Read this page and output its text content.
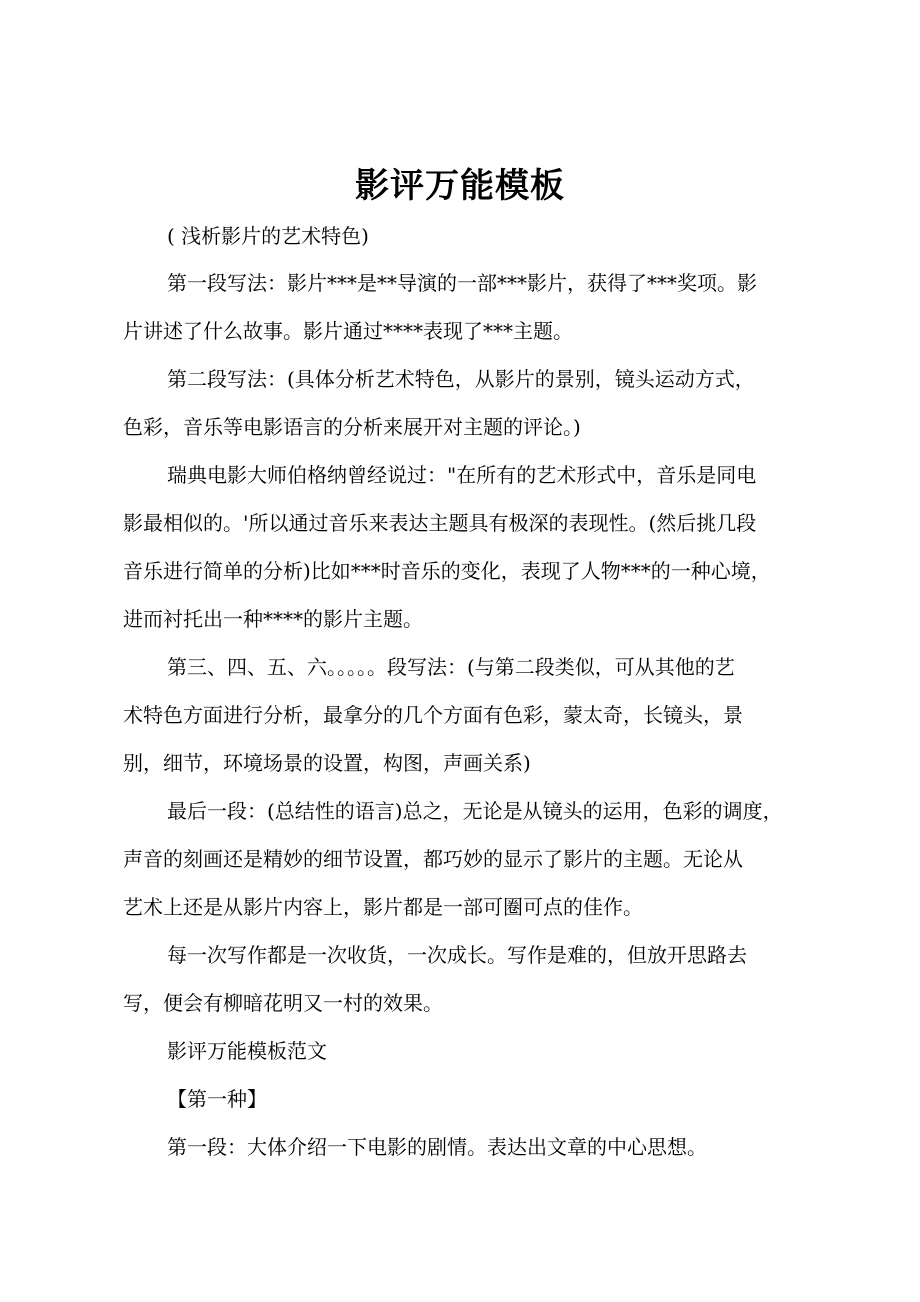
影评万能模板
( 浅析影片的艺术特色)
第一段写法：影片***是**导演的一部***影片，获得了***奖项。影
片讲述了什么故事。影片通过****表现了***主题。
第二段写法：(具体分析艺术特色，从影片的景别，镜头运动方式，
色彩，音乐等电影语言的分析来展开对主题的评论。)
瑞典电影大师伯格纳曾经说过："在所有的艺术形式中，音乐是同电
影最相似的。'所以通过音乐来表达主题具有极深的表现性。(然后挑几段
音乐进行简单的分析)比如***时音乐的变化，表现了人物***的一种心境，
进而衬托出一种****的影片主题。
第三、四、五、六。。。。。段写法：(与第二段类似，可从其他的艺
术特色方面进行分析，最拿分的几个方面有色彩，蒙太奇，长镜头，景
别，细节，环境场景的设置，构图，声画关系)
最后一段：(总结性的语言)总之，无论是从镜头的运用，色彩的调度，
声音的刻画还是精妙的细节设置，都巧妙的显示了影片的主题。无论从
艺术上还是从影片内容上，影片都是一部可圈可点的佳作。
每一次写作都是一次收货，一次成长。写作是难的，但放开思路去
写，便会有柳暗花明又一村的效果。
影评万能模板范文
【第一种】
第一段：大体介绍一下电影的剧情。表达出文章的中心思想。
